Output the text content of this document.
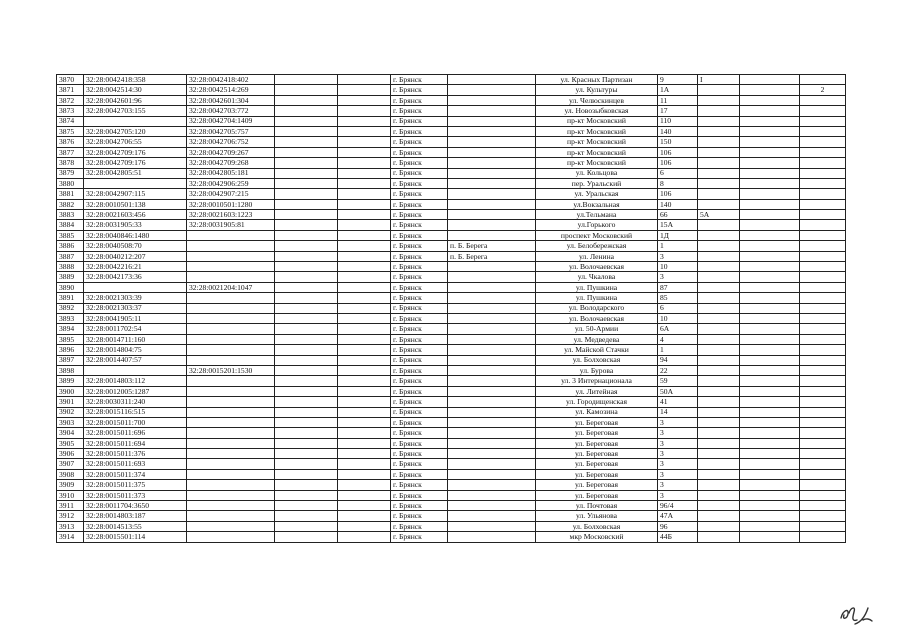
3870	32:28:0042418:358	32:28:0042418:402			г. Брянск		ул. Красных Партизан	9	I		
3871	32:28:0042514:30	32:28:0042514:269			г. Брянск		ул. Культуры	1А			2
3872	32:28:0042601:96	32:28:0042601:304			г. Брянск		ул. Челюскинцев	11			
3873	32:28:0042703:155	32:28:0042703:772			г. Брянск		ул. Новозыбковская	17			
3874		32:28:0042704:1409			г. Брянск		пр-кт Московский	110			
3875	32:28:0042705:120	32:28:0042705:757			г. Брянск		пр-кт Московский	140			
3876	32:28:0042706:55	32:28:0042706:752			г. Брянск		пр-кт Московский	150			
3877	32:28:0042709:176	32:28:0042709:267			г. Брянск		пр-кт Московский	106			
3878	32:28:0042709:176	32:28:0042709:268			г. Брянск		пр-кт Московский	106			
3879	32:28:0042805:51	32:28:0042805:181			г. Брянск		ул. Кольцова	6			
3880		32:28:0042906:259			г. Брянск		пер. Уральский	8			
3881	32:28:0042907:115	32:28:0042907:215			г. Брянск		ул. Уральская	106			
3882	32:28:0010501:138	32:28:0010501:1280			г. Брянск		ул.Вокзальная	140			
3883	32:28:0021603:456	32:28:0021603:1223			г. Брянск		ул.Тельмана	66	5А		
3884	32:28:0031905:33	32:28:0031905:81			г. Брянск		ул.Горького	15А			
3885	32:28:0040846:1480				г. Брянск		проспект Московский	1Д			
3886	32:28:0040508:70				г. Брянск	п. Б. Берега	ул. Белобережская	1			
3887	32:28:0040212:207				г. Брянск	п. Б. Берега	ул. Ленина	3			
3888	32:28:0042216:21				г. Брянск		ул. Волочаевская	10			
3889	32:28:0042173:36				г. Брянск		ул. Чкалова	3			
3890		32:28:0021204:1047			г. Брянск		ул. Пушкина	87			
3891	32:28:0021303:39				г. Брянск		ул. Пушкина	85			
3892	32:28:0021303:37				г. Брянск		ул. Володарского	6			
3893	32:28:0041905:11				г. Брянск		ул. Волочаевская	10			
3894	32:28:0011702:54				г. Брянск		ул. 50-Армии	6А			
3895	32:28:0014711:160				г. Брянск		ул. Медведева	4			
3896	32:28:0014804:75				г. Брянск		ул. Майской Стачки	1			
3897	32:28:0014407:57				г. Брянск		ул. Болховская	94			
3898		32:28:0015201:1530			г. Брянск		ул. Бурова	22			
3899	32:28:0014803:112				г. Брянск		ул. 3 Интернационала	59			
3900	32:28:0012005:1287				г. Брянск		ул. Литейная	50А			
3901	32:28:0030311:240				г. Брянск		ул. Городищенская	41			
3902	32:28:0015116:515				г. Брянск		ул. Камозина	14			
3903	32:28:0015011:700				г. Брянск		ул. Береговая	3			
3904	32:28:0015011:696				г. Брянск		ул. Береговая	3			
3905	32:28:0015011:694				г. Брянск		ул. Береговая	3			
3906	32:28:0015011:376				г. Брянск		ул. Береговая	3			
3907	32:28:0015011:693				г. Брянск		ул. Береговая	3			
3908	32:28:0015011:374				г. Брянск		ул. Береговая	3			
3909	32:28:0015011:375				г. Брянск		ул. Береговая	3			
3910	32:28:0015011:373				г. Брянск		ул. Береговая	3			
3911	32:28:0011704:3650				г. Брянск		ул. Почтовая	96/4			
3912	32:28:0014803:187				г. Брянск		ул. Ульянова	47А			
3913	32:28:0014513:55				г. Брянск		ул. Болховская	96			
3914	32:28:0015501:114				г. Брянск		мкр Московский	44Б			
